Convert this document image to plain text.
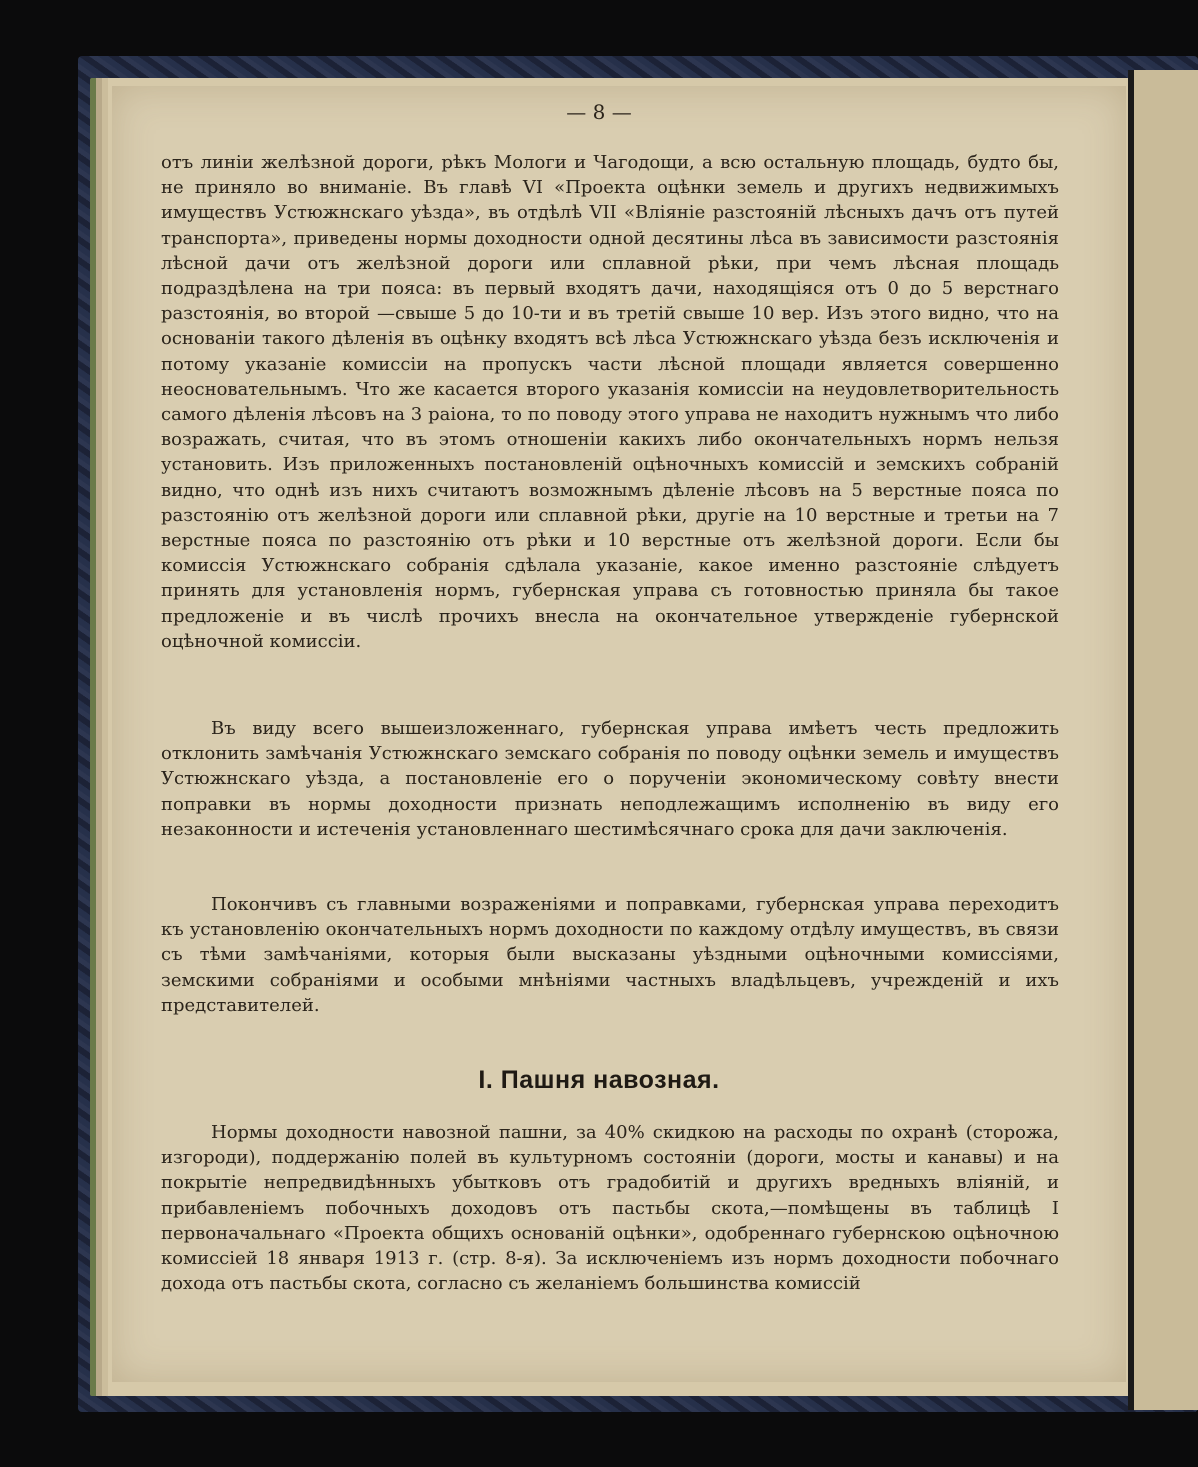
— 8 —
отъ линіи желѣзной дороги, рѣкъ Мологи и Чагодощи, а всю остальную площадь, будто бы, не приняло во вниманіе. Въ главѣ VI «Проекта оцѣнки земель и другихъ недвижимыхъ имуществъ Устюжнскаго уѣзда», въ отдѣлѣ VII «Вліяніе разстояній лѣсныхъ дачъ отъ путей транспорта», приведены нормы доходности одной десятины лѣса въ зависимости разстоянія лѣсной дачи отъ желѣзной дороги или сплавной рѣки, при чемъ лѣсная площадь подраздѣлена на три пояса: въ первый входятъ дачи, находящіяся отъ 0 до 5 верстнаго разстоянія, во второй —свыше 5 до 10-ти и въ третій свыше 10 вер. Изъ этого видно, что на основаніи такого дѣленія въ оцѣнку входятъ всѣ лѣса Устюжнскаго уѣзда безъ исключенія и потому указаніе комиссіи на пропускъ части лѣсной площади является совершенно неосновательнымъ. Что же касается второго указанія комиссіи на неудовлетворительность самого дѣленія лѣсовъ на 3 раіона, то по поводу этого управа не находитъ нужнымъ что либо возражать, считая, что въ этомъ отношеніи какихъ либо окончательныхъ нормъ нельзя установить. Изъ приложенныхъ постановленій оцѣночныхъ комиссій и земскихъ собраній видно, что однѣ изъ нихъ считаютъ возможнымъ дѣленіе лѣсовъ на 5 верстные пояса по разстоянію отъ желѣзной дороги или сплавной рѣки, другіе на 10 верстные и третьи на 7 верстные пояса по разстоянію отъ рѣки и 10 верстные отъ желѣзной дороги. Если бы комиссія Устюжнскаго собранія сдѣлала указаніе, какое именно разстояніе слѣдуетъ принять для установленія нормъ, губернская управа съ готовностью приняла бы такое предложеніе и въ числѣ прочихъ внесла на окончательное утвержденіе губернской оцѣночной комиссіи.
Въ виду всего вышеизложеннаго, губернская управа имѣетъ честь предложить отклонить замѣчанія Устюжнскаго земскаго собранія по поводу оцѣнки земель и имуществъ Устюжнскаго уѣзда, а постановленіе его о порученіи экономическому совѣту внести поправки въ нормы доходности признать неподлежащимъ исполненію въ виду его незаконности и истеченія установленнаго шестимѣсячнаго срока для дачи заключенія.
Покончивъ съ главными возраженіями и поправками, губернская управа переходитъ къ установленію окончательныхъ нормъ доходности по каждому отдѣлу имуществъ, въ связи съ тѣми замѣчаніями, которыя были высказаны уѣздными оцѣночными комиссіями, земскими собраніями и особыми мнѣніями частныхъ владѣльцевъ, учрежденій и ихъ представителей.
I. Пашня навозная.
Нормы доходности навозной пашни, за 40% скидкою на расходы по охранѣ (сторожа, изгороди), поддержанію полей въ культурномъ состояніи (дороги, мосты и канавы) и на покрытіе непредвидѣнныхъ убытковъ отъ градобитій и другихъ вредныхъ вліяній, и прибавленіемъ побочныхъ доходовъ отъ пастьбы скота,—помѣщены въ таблицѣ I первоначальнаго «Проекта общихъ основаній оцѣнки», одобреннаго губернскою оцѣночною комиссіей 18 января 1913 г. (стр. 8-я). За исключеніемъ изъ нормъ доходности побочнаго дохода отъ пастьбы скота, согласно съ желаніемъ большинства комиссій
